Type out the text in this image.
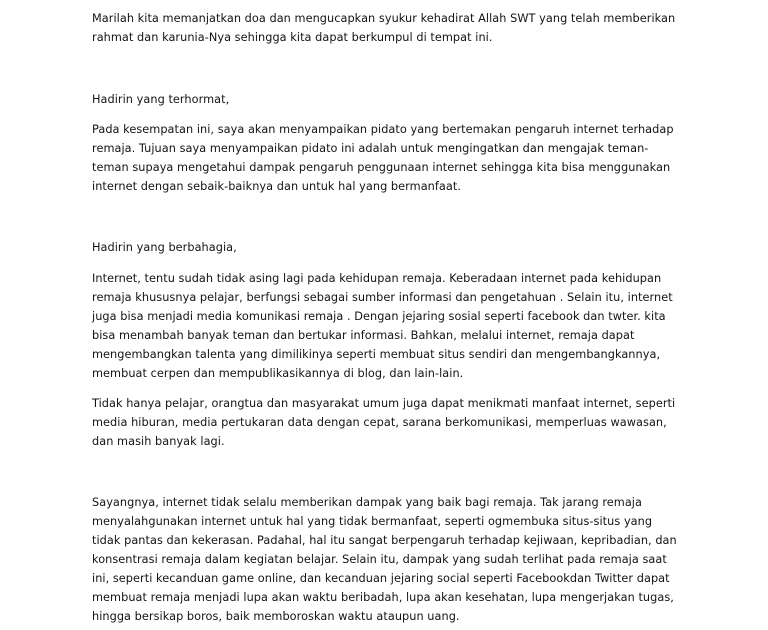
Marilah kita memanjatkan doa dan mengucapkan syukur kehadirat Allah SWT yang telah memberikan
rahmat dan karunia-Nya sehingga kita dapat berkumpul di tempat ini.

Hadirin yang terhormat,

Pada kesempatan ini, saya akan menyampaikan pidato yang bertemakan pengaruh internet terhadap
remaja. Tujuan saya menyampaikan pidato ini adalah untuk mengingatkan dan mengajak teman-
teman supaya mengetahui dampak pengaruh penggunaan internet sehingga kita bisa menggunakan
internet dengan sebaik-baiknya dan untuk hal yang bermanfaat.

Hadirin yang berbahagia,

Internet, tentu sudah tidak asing lagi pada kehidupan remaja. Keberadaan internet pada kehidupan
remaja khususnya pelajar, berfungsi sebagai sumber informasi dan pengetahuan . Selain itu, internet
juga bisa menjadi media komunikasi remaja . Dengan jejaring sosial seperti facebook dan twter. kita
bisa menambah banyak teman dan bertukar informasi. Bahkan, melalui internet, remaja dapat
mengembangkan talenta yang dimilikinya seperti membuat situs sendiri dan mengembangkannya,
membuat cerpen dan mempublikasikannya di blog, dan lain-lain.

Tidak hanya pelajar, orangtua dan masyarakat umum juga dapat menikmati manfaat internet, seperti
media hiburan, media pertukaran data dengan cepat, sarana berkomunikasi, memperluas wawasan,
dan masih banyak lagi.

Sayangnya, internet tidak selalu memberikan dampak yang baik bagi remaja. Tak jarang remaja
menyalahgunakan internet untuk hal yang tidak bermanfaat, seperti ogmembuka situs-situs yang
tidak pantas dan kekerasan. Padahal, hal itu sangat berpengaruh terhadap kejiwaan, kepribadian, dan
konsentrasi remaja dalam kegiatan belajar. Selain itu, dampak yang sudah terlihat pada remaja saat
ini, seperti kecanduan game online, dan kecanduan jejaring social seperti Facebookdan Twitter dapat
membuat remaja menjadi lupa akan waktu beribadah, lupa akan kesehatan, lupa mengerjakan tugas,
hingga bersikap boros, baik memboroskan waktu ataupun uang.
